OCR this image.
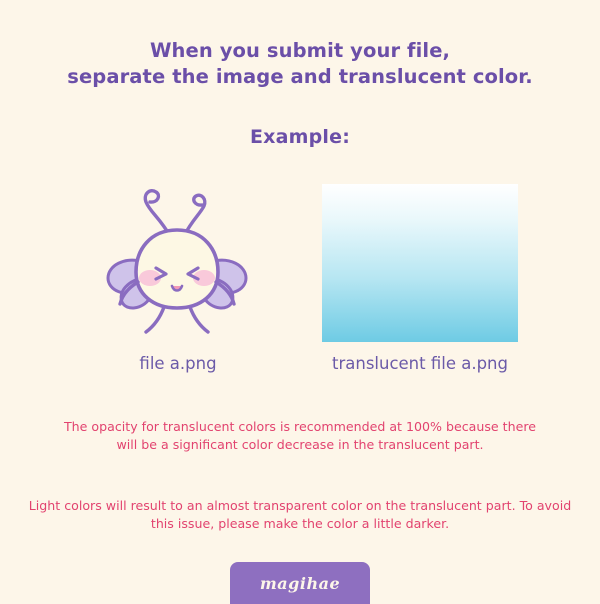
When you submit your file,
separate the image and translucent color.
Example:
file a.png	translucent file a.png
The opacity for translucent colors is recommended at 100% because there will be a significant color decrease in the translucent part.
Light colors will result to an almost transparent color on the translucent part. To avoid this issue, please make the color a little darker.
magihae
